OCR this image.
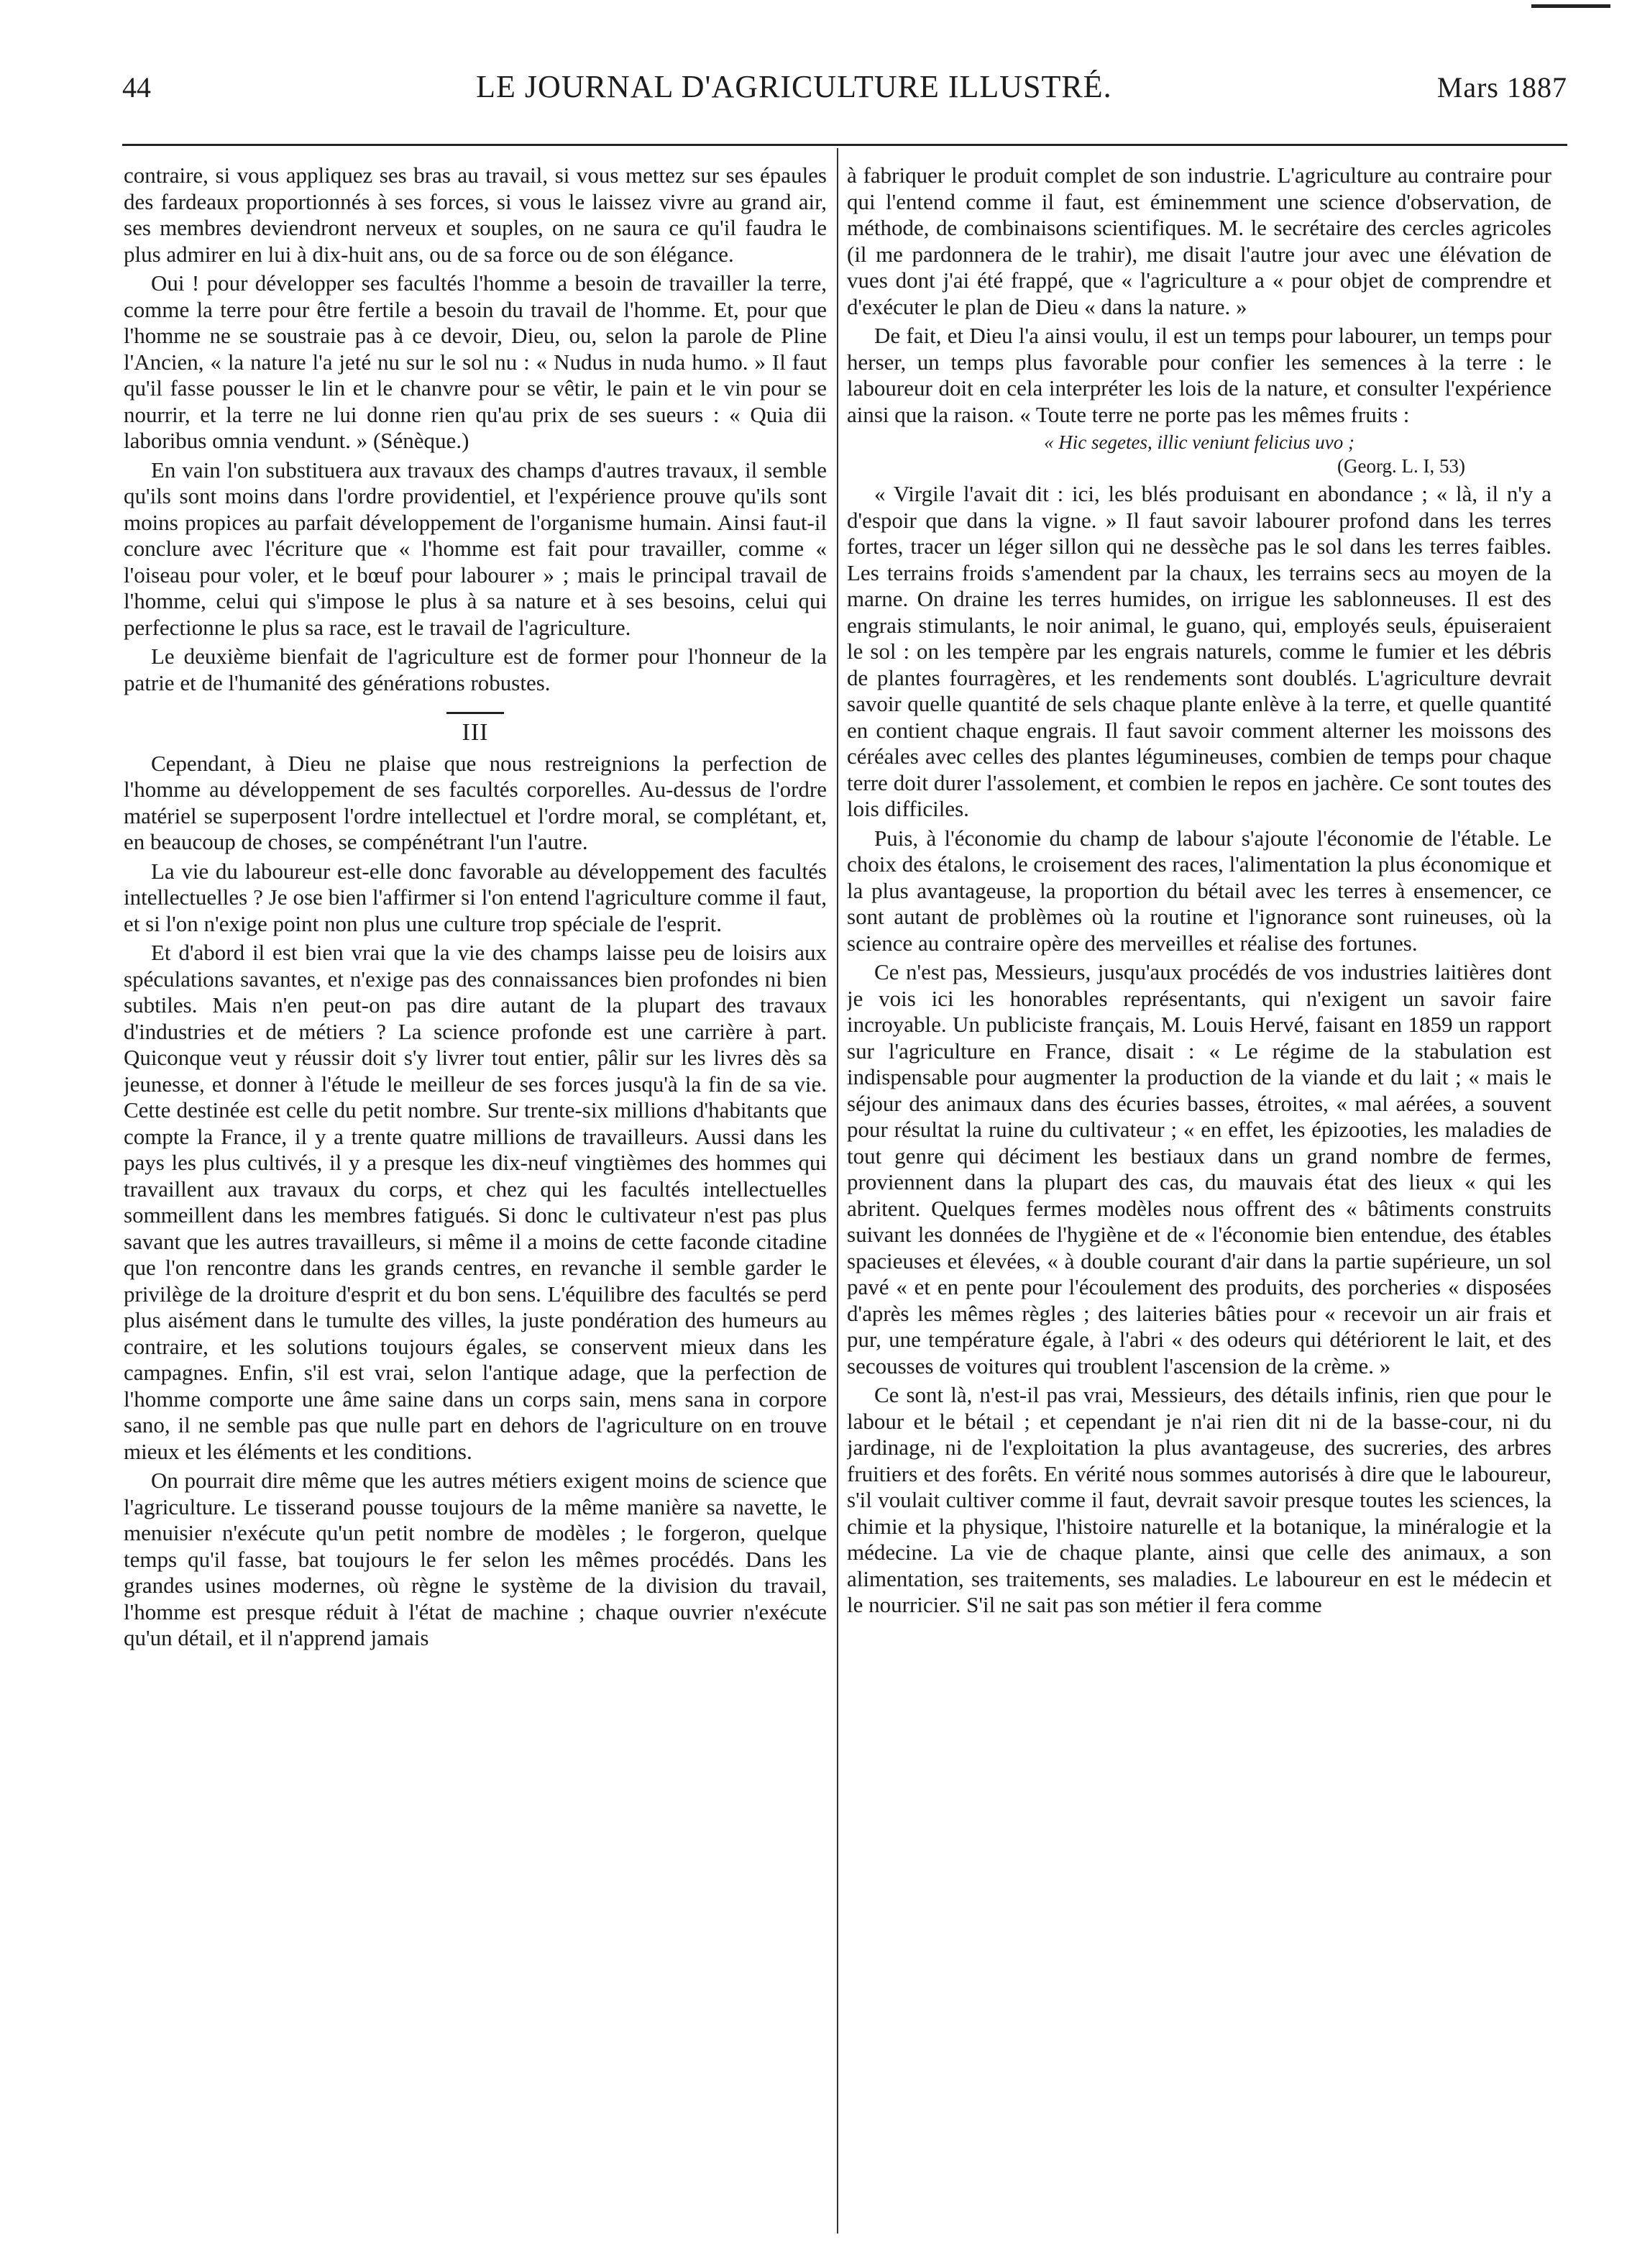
44	LE JOURNAL D'AGRICULTURE ILLUSTRÉ.	Mars 1887

contraire, si vous appliquez ses bras au travail, si vous mettez sur ses épaules des fardeaux proportionnés à ses forces, si vous le laissez vivre au grand air, ses membres deviendront nerveux et souples, on ne saura ce qu'il faudra le plus admirer en lui à dix-huit ans, ou de sa force ou de son élégance.

Oui ! pour développer ses facultés l'homme a besoin de travailler la terre, comme la terre pour être fertile a besoin du travail de l'homme. Et, pour que l'homme ne se soustraie pas à ce devoir, Dieu, ou, selon la parole de Pline l'Ancien, « la nature l'a jeté nu sur le sol nu : « Nudus in nuda humo. » Il faut qu'il fasse pousser le lin et le chanvre pour se vêtir, le pain et le vin pour se nourrir, et la terre ne lui donne rien qu'au prix de ses sueurs : « Quia dii laboribus omnia vendunt. » (Sénèque.)

En vain l'on substituera aux travaux des champs d'autres travaux, il semble qu'ils sont moins dans l'ordre providentiel, et l'expérience prouve qu'ils sont moins propices au parfait développement de l'organisme humain. Ainsi faut-il conclure avec l'écriture que « l'homme est fait pour travailler, comme « l'oiseau pour voler, et le bœuf pour labourer » ; mais le principal travail de l'homme, celui qui s'impose le plus à sa nature et à ses besoins, celui qui perfectionne le plus sa race, est le travail de l'agriculture.

Le deuxième bienfait de l'agriculture est de former pour l'honneur de la patrie et de l'humanité des générations robustes.

III

Cependant, à Dieu ne plaise que nous restreignions la perfection de l'homme au développement de ses facultés corporelles. Au-dessus de l'ordre matériel se superposent l'ordre intellectuel et l'ordre moral, se complétant, et, en beaucoup de choses, se compénétrant l'un l'autre.

La vie du laboureur est-elle donc favorable au développement des facultés intellectuelles ? Je ose bien l'affirmer si l'on entend l'agriculture comme il faut, et si l'on n'exige point non plus une culture trop spéciale de l'esprit.

Et d'abord il est bien vrai que la vie des champs laisse peu de loisirs aux spéculations savantes, et n'exige pas des connaissances bien profondes ni bien subtiles. Mais n'en peut-on pas dire autant de la plupart des travaux d'industries et de métiers ? La science profonde est une carrière à part. Quiconque veut y réussir doit s'y livrer tout entier, pâlir sur les livres dès sa jeunesse, et donner à l'étude le meilleur de ses forces jusqu'à la fin de sa vie. Cette destinée est celle du petit nombre. Sur trente-six millions d'habitants que compte la France, il y a trente quatre millions de travailleurs. Aussi dans les pays les plus cultivés, il y a presque les dix-neuf vingtièmes des hommes qui travaillent aux travaux du corps, et chez qui les facultés intellectuelles sommeillent dans les membres fatigués. Si donc le cultivateur n'est pas plus savant que les autres travailleurs, si même il a moins de cette faconde citadine que l'on rencontre dans les grands centres, en revanche il semble garder le privilège de la droiture d'esprit et du bon sens. L'équilibre des facultés se perd plus aisément dans le tumulte des villes, la juste pondération des humeurs au contraire, et les solutions toujours égales, se conservent mieux dans les campagnes. Enfin, s'il est vrai, selon l'antique adage, que la perfection de l'homme comporte une âme saine dans un corps sain, mens sana in corpore sano, il ne semble pas que nulle part en dehors de l'agriculture on en trouve mieux et les éléments et les conditions.

On pourrait dire même que les autres métiers exigent moins de science que l'agriculture. Le tisserand pousse toujours de la même manière sa navette, le menuisier n'exécute qu'un petit nombre de modèles ; le forgeron, quelque temps qu'il fasse, bat toujours le fer selon les mêmes procédés. Dans les grandes usines modernes, où règne le système de la division du travail, l'homme est presque réduit à l'état de machine ; chaque ouvrier n'exécute qu'un détail, et il n'apprend jamais

à fabriquer le produit complet de son industrie. L'agriculture au contraire pour qui l'entend comme il faut, est éminemment une science d'observation, de méthode, de combinaisons scientifiques. M. le secrétaire des cercles agricoles (il me pardonnera de le trahir), me disait l'autre jour avec une élévation de vues dont j'ai été frappé, que « l'agriculture a « pour objet de comprendre et d'exécuter le plan de Dieu « dans la nature. »

De fait, et Dieu l'a ainsi voulu, il est un temps pour labourer, un temps pour herser, un temps plus favorable pour confier les semences à la terre : le laboureur doit en cela interpréter les lois de la nature, et consulter l'expérience ainsi que la raison. « Toute terre ne porte pas les mêmes fruits :

« Hic segetes, illic veniunt felicius uvo ;
(Georg. L. I, 53)

« Virgile l'avait dit : ici, les blés produisant en abondance ; « là, il n'y a d'espoir que dans la vigne. » Il faut savoir labourer profond dans les terres fortes, tracer un léger sillon qui ne dessèche pas le sol dans les terres faibles. Les terrains froids s'amendent par la chaux, les terrains secs au moyen de la marne. On draine les terres humides, on irrigue les sablonneuses. Il est des engrais stimulants, le noir animal, le guano, qui, employés seuls, épuiseraient le sol : on les tempère par les engrais naturels, comme le fumier et les débris de plantes fourragères, et les rendements sont doublés. L'agriculture devrait savoir quelle quantité de sels chaque plante enlève à la terre, et quelle quantité en contient chaque engrais. Il faut savoir comment alterner les moissons des céréales avec celles des plantes légumineuses, combien de temps pour chaque terre doit durer l'assolement, et combien le repos en jachère. Ce sont toutes des lois difficiles.

Puis, à l'économie du champ de labour s'ajoute l'économie de l'étable. Le choix des étalons, le croisement des races, l'alimentation la plus économique et la plus avantageuse, la proportion du bétail avec les terres à ensemencer, ce sont autant de problèmes où la routine et l'ignorance sont ruineuses, où la science au contraire opère des merveilles et réalise des fortunes.

Ce n'est pas, Messieurs, jusqu'aux procédés de vos industries laitières dont je vois ici les honorables représentants, qui n'exigent un savoir faire incroyable. Un publiciste français, M. Louis Hervé, faisant en 1859 un rapport sur l'agriculture en France, disait : « Le régime de la stabulation est indispensable pour augmenter la production de la viande et du lait ; « mais le séjour des animaux dans des écuries basses, étroites, « mal aérées, a souvent pour résultat la ruine du cultivateur ; « en effet, les épizooties, les maladies de tout genre qui déciment les bestiaux dans un grand nombre de fermes, proviennent dans la plupart des cas, du mauvais état des lieux « qui les abritent. Quelques fermes modèles nous offrent des « bâtiments construits suivant les données de l'hygiène et de « l'économie bien entendue, des étables spacieuses et élevées, « à double courant d'air dans la partie supérieure, un sol pavé « et en pente pour l'écoulement des produits, des porcheries « disposées d'après les mêmes règles ; des laiteries bâties pour « recevoir un air frais et pur, une température égale, à l'abri « des odeurs qui détériorent le lait, et des secousses de voitures qui troublent l'ascension de la crème. »

Ce sont là, n'est-il pas vrai, Messieurs, des détails infinis, rien que pour le labour et le bétail ; et cependant je n'ai rien dit ni de la basse-cour, ni du jardinage, ni de l'exploitation la plus avantageuse, des sucreries, des arbres fruitiers et des forêts. En vérité nous sommes autorisés à dire que le laboureur, s'il voulait cultiver comme il faut, devrait savoir presque toutes les sciences, la chimie et la physique, l'histoire naturelle et la botanique, la minéralogie et la médecine. La vie de chaque plante, ainsi que celle des animaux, a son alimentation, ses traitements, ses maladies. Le laboureur en est le médecin et le nourricier. S'il ne sait pas son métier il fera comme
